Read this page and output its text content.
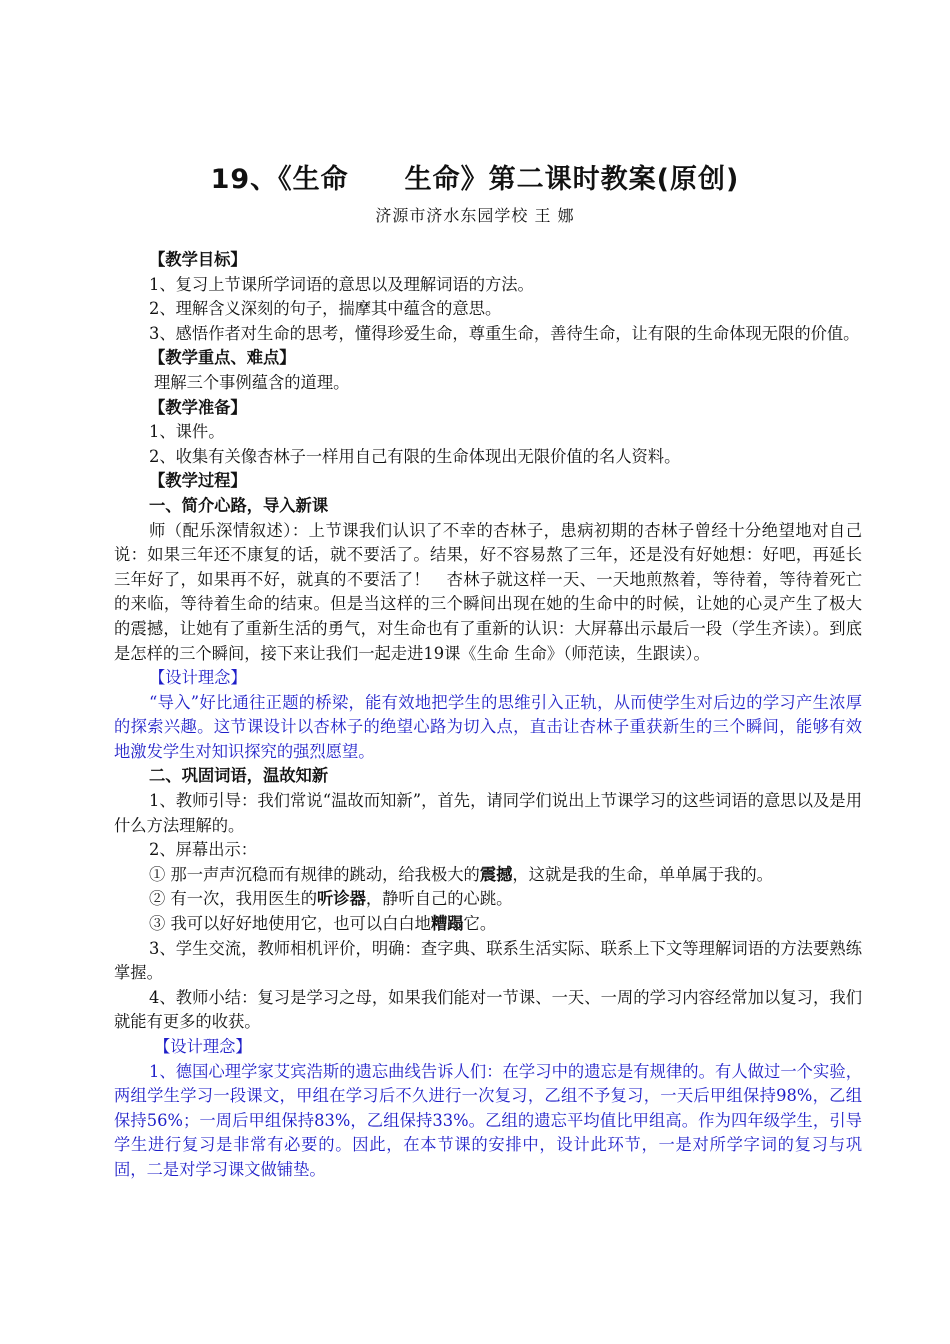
19、《生命　　生命》第二课时教案(原创)
济源市济水东园学校 王 娜

【教学目标】

1、复习上节课所学词语的意思以及理解词语的方法。

2、理解含义深刻的句子，揣摩其中蕴含的意思。

3、感悟作者对生命的思考，懂得珍爱生命，尊重生命，善待生命，让有限的生命体现无限的价值。

【教学重点、难点】

理解三个事例蕴含的道理。

【教学准备】

1、课件。

2、收集有关像杏林子一样用自己有限的生命体现出无限价值的名人资料。

【教学过程】

一、简介心路，导入新课

师（配乐深情叙述）：上节课我们认识了不幸的杏林子，患病初期的杏林子曾经十分绝望地对自己说：如果三年还不康复的话，就不要活了。结果，好不容易熬了三年，还是没有好她想：好吧，再延长三年好了，如果再不好，就真的不要活了！　杏林子就这样一天、一天地煎熬着，等待着，等待着死亡的来临，等待着生命的结束。但是当这样的三个瞬间出现在她的生命中的时候，让她的心灵产生了极大的震撼，让她有了重新生活的勇气，对生命也有了重新的认识：大屏幕出示最后一段（学生齐读）。到底是怎样的三个瞬间，接下来让我们一起走进19课《生命 生命》（师范读，生跟读）。

【设计理念】

“导入”好比通往正题的桥梁，能有效地把学生的思维引入正轨，从而使学生对后边的学习产生浓厚的探索兴趣。这节课设计以杏林子的绝望心路为切入点，直击让杏林子重获新生的三个瞬间，能够有效地激发学生对知识探究的强烈愿望。

二、巩固词语，温故知新

1、教师引导：我们常说“温故而知新”，首先，请同学们说出上节课学习的这些词语的意思以及是用什么方法理解的。

2、屏幕出示：

① 那一声声沉稳而有规律的跳动，给我极大的震撼，这就是我的生命，单单属于我的。

② 有一次，我用医生的听诊器，静听自己的心跳。

③ 我可以好好地使用它，也可以白白地糟蹋它。

3、学生交流，教师相机评价，明确：查字典、联系生活实际、联系上下文等理解词语的方法要熟练掌握。

4、教师小结：复习是学习之母，如果我们能对一节课、一天、一周的学习内容经常加以复习，我们就能有更多的收获。

【设计理念】

1、德国心理学家艾宾浩斯的遗忘曲线告诉人们：在学习中的遗忘是有规律的。有人做过一个实验，两组学生学习一段课文，甲组在学习后不久进行一次复习，乙组不予复习，一天后甲组保持98%，乙组保持56%；一周后甲组保持83%，乙组保持33%。乙组的遗忘平均值比甲组高。作为四年级学生，引导学生进行复习是非常有必要的。因此，在本节课的安排中，设计此环节，一是对所学字词的复习与巩固，二是对学习课文做铺垫。
